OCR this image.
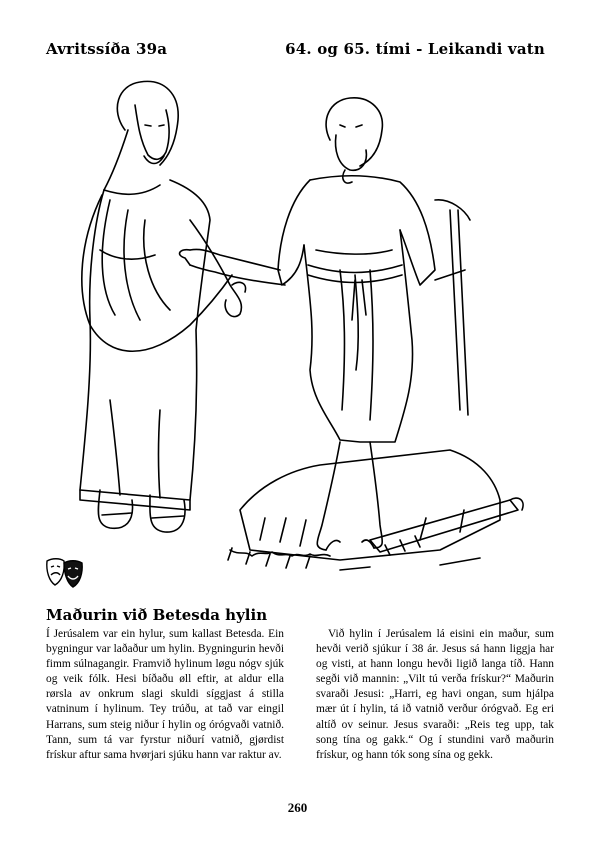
Avritssíða 39a	64. og 65. tími - Leikandi vatn
Maðurin við Betesda hylin
Í Jerúsalem var ein hylur, sum kallast Betesda. Ein bygningur var laðaður um hylin. Bygningurin hevði fimm súlnagangir. Framvið hylinum løgu nógv sjúk og veik fólk. Hesi bíðaðu øll eftir, at aldur ella rørsla av onkrum slagi skuldi síggjast á stilla vatninum í hylinum. Tey trúðu, at tað var eingil Harrans, sum steig niður í hylin og órógvaði vatnið. Tann, sum tá var fyrstur niðurí vatnið, gjørdist frískur aftur sama hvørjari sjúku hann var raktur av.
Við hylin í Jerúsalem lá eisini ein maður, sum hevði verið sjúkur í 38 ár. Jesus sá hann liggja har og visti, at hann longu hevði ligið langa tíð. Hann segði við mannin: „Vilt tú verða frískur?“ Maðurin svaraði Jesusi: „Harri, eg havi ongan, sum hjálpa mær út í hylin, tá ið vatnið verður órógvað. Eg eri altíð ov seinur. Jesus svaraði: „Reis teg upp, tak song tína og gakk.“ Og í stundini varð maðurin frískur, og hann tók song sína og gekk.
260
